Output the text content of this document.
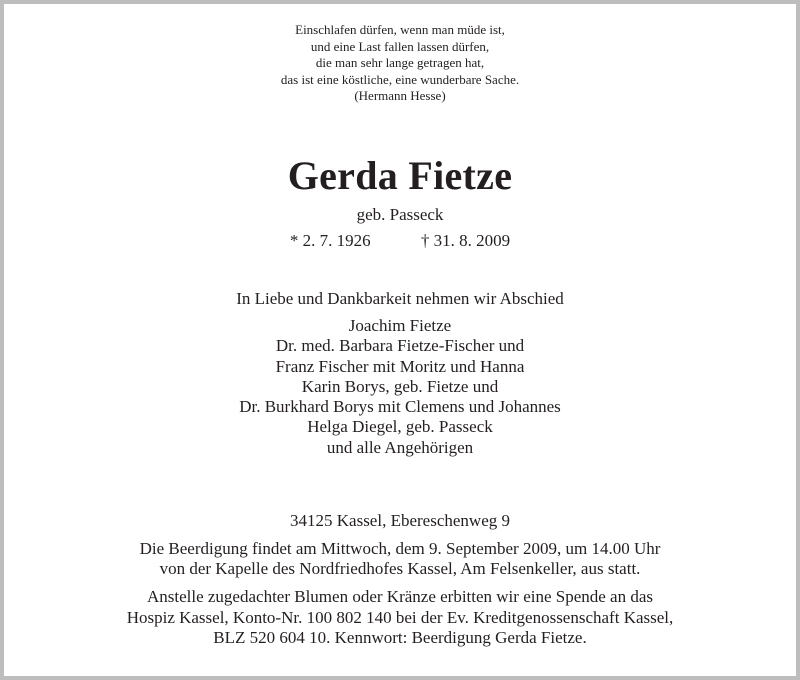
Einschlafen dürfen, wenn man müde ist,
und eine Last fallen lassen dürfen,
die man sehr lange getragen hat,
das ist eine köstliche, eine wunderbare Sache.
(Hermann Hesse)
Gerda Fietze
geb. Passeck
* 2. 7. 1926	† 31. 8. 2009
In Liebe und Dankbarkeit nehmen wir Abschied
Joachim Fietze
Dr. med. Barbara Fietze-Fischer und
Franz Fischer mit Moritz und Hanna
Karin Borys, geb. Fietze und
Dr. Burkhard Borys mit Clemens und Johannes
Helga Diegel, geb. Passeck
und alle Angehörigen
34125 Kassel, Ebereschenweg 9
Die Beerdigung findet am Mittwoch, dem 9. September 2009, um 14.00 Uhr
von der Kapelle des Nordfriedhofes Kassel, Am Felsenkeller, aus statt.
Anstelle zugedachter Blumen oder Kränze erbitten wir eine Spende an das
Hospiz Kassel, Konto-Nr. 100 802 140 bei der Ev. Kreditgenossenschaft Kassel,
BLZ 520 604 10. Kennwort: Beerdigung Gerda Fietze.
